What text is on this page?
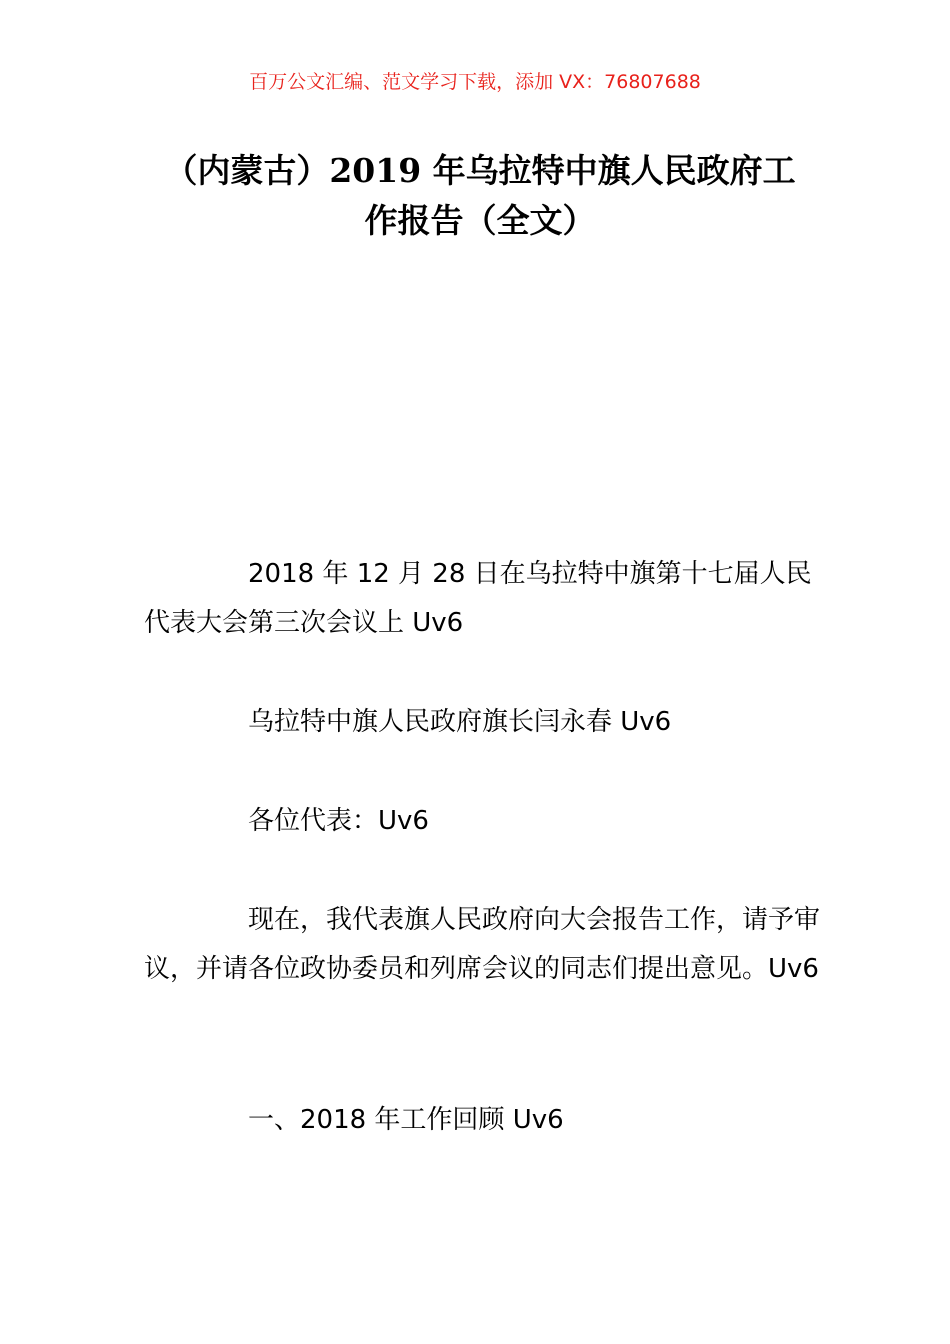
百万公文汇编、范文学习下载，添加 VX：76807688
（内蒙古）2019 年乌拉特中旗人民政府工
作报告（全文）

2018 年 12 月 28 日在乌拉特中旗第十七届人民代表大会第三次会议上 Uv6

乌拉特中旗人民政府旗长闫永春 Uv6

各位代表：Uv6

现在，我代表旗人民政府向大会报告工作，请予审议，并请各位政协委员和列席会议的同志们提出意见。Uv6

一、2018 年工作回顾 Uv6
